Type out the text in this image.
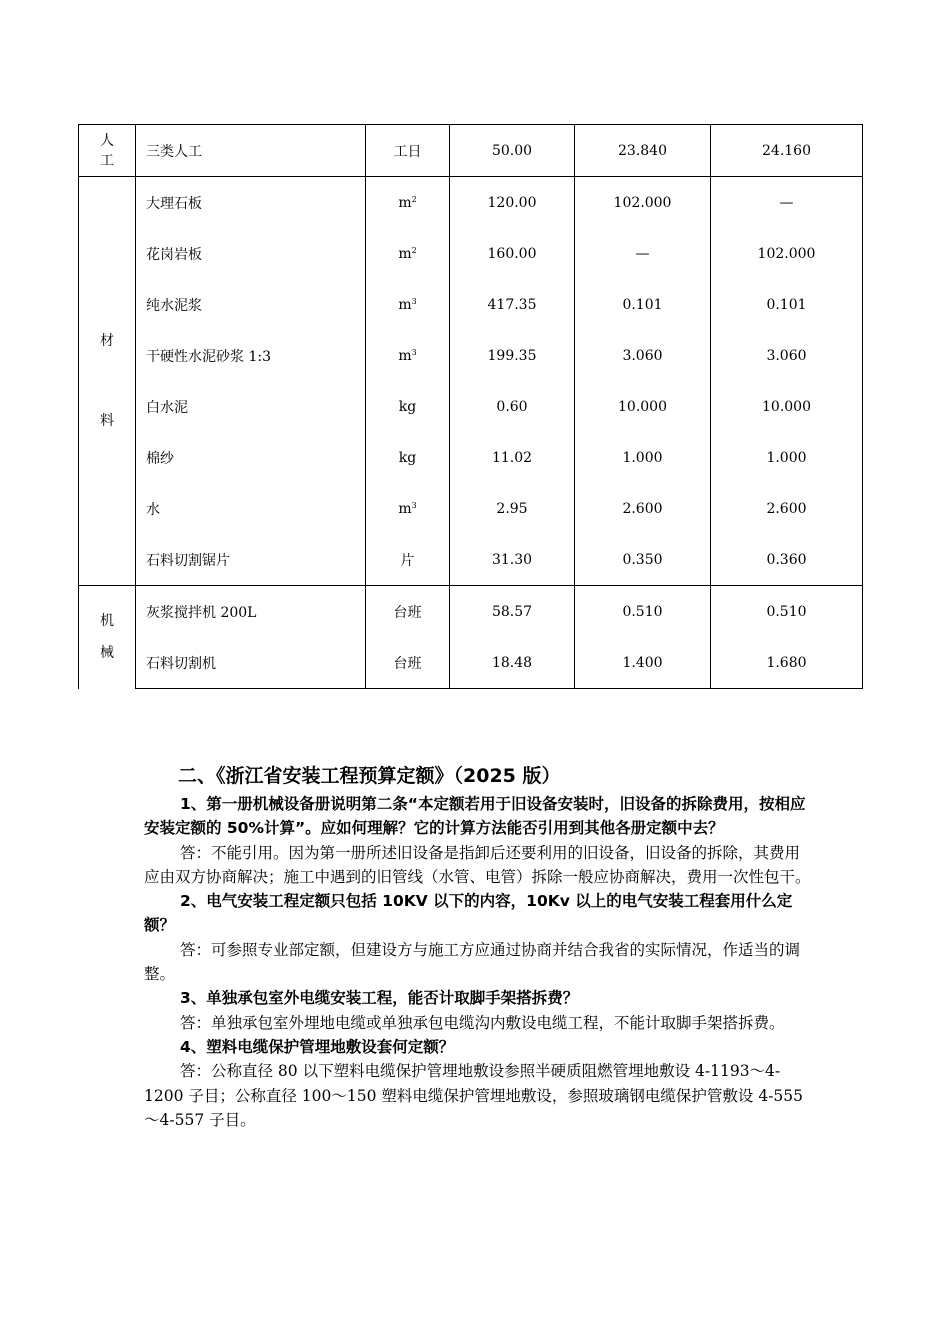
人
工	三类人工	工日	50.00	23.840	24.160

材
料	大理石板	$m^2$	120.00	102.000	—
	花岗岩板	$m^2$	160.00	—	102.000
	纯水泥浆	$m^3$	417.35	0.101	0.101
	干硬性水泥砂浆 1:3	$m^3$	199.35	3.060	3.060
	白水泥	kg	0.60	10.000	10.000
	棉纱	kg	11.02	1.000	1.000
	水	$m^3$	2.95	2.600	2.600
	石料切割锯片	片	31.30	0.350	0.360

机
械	灰浆搅拌机 200L	台班	58.57	0.510	0.510
	石料切割机	台班	18.48	1.400	1.680
二、《浙江省安装工程预算定额》（2025 版）

1、第一册机械设备册说明第二条“本定额若用于旧设备安装时，旧设备的拆除费用，按相应安装定额的 50%计算”。应如何理解？它的计算方法能否引用到其他各册定额中去？

答：不能引用。因为第一册所述旧设备是指卸后还要利用的旧设备，旧设备的拆除，其费用应由双方协商解决；施工中遇到的旧管线（水管、电管）拆除一般应协商解决，费用一次性包干。

2、电气安装工程定额只包括 10KV 以下的内容，10Kv 以上的电气安装工程套用什么定额？

答：可参照专业部定额，但建设方与施工方应通过协商并结合我省的实际情况，作适当的调整。

3、单独承包室外电缆安装工程，能否计取脚手架搭拆费？

答：单独承包室外埋地电缆或单独承包电缆沟内敷设电缆工程，不能计取脚手架搭拆费。

4、塑料电缆保护管埋地敷设套何定额？

答：公称直径 80 以下塑料电缆保护管埋地敷设参照半硬质阻燃管埋地敷设 4-1193～4-1200 子目；公称直径 100～150 塑料电缆保护管埋地敷设，参照玻璃钢电缆保护管敷设 4-555～4-557 子目。
